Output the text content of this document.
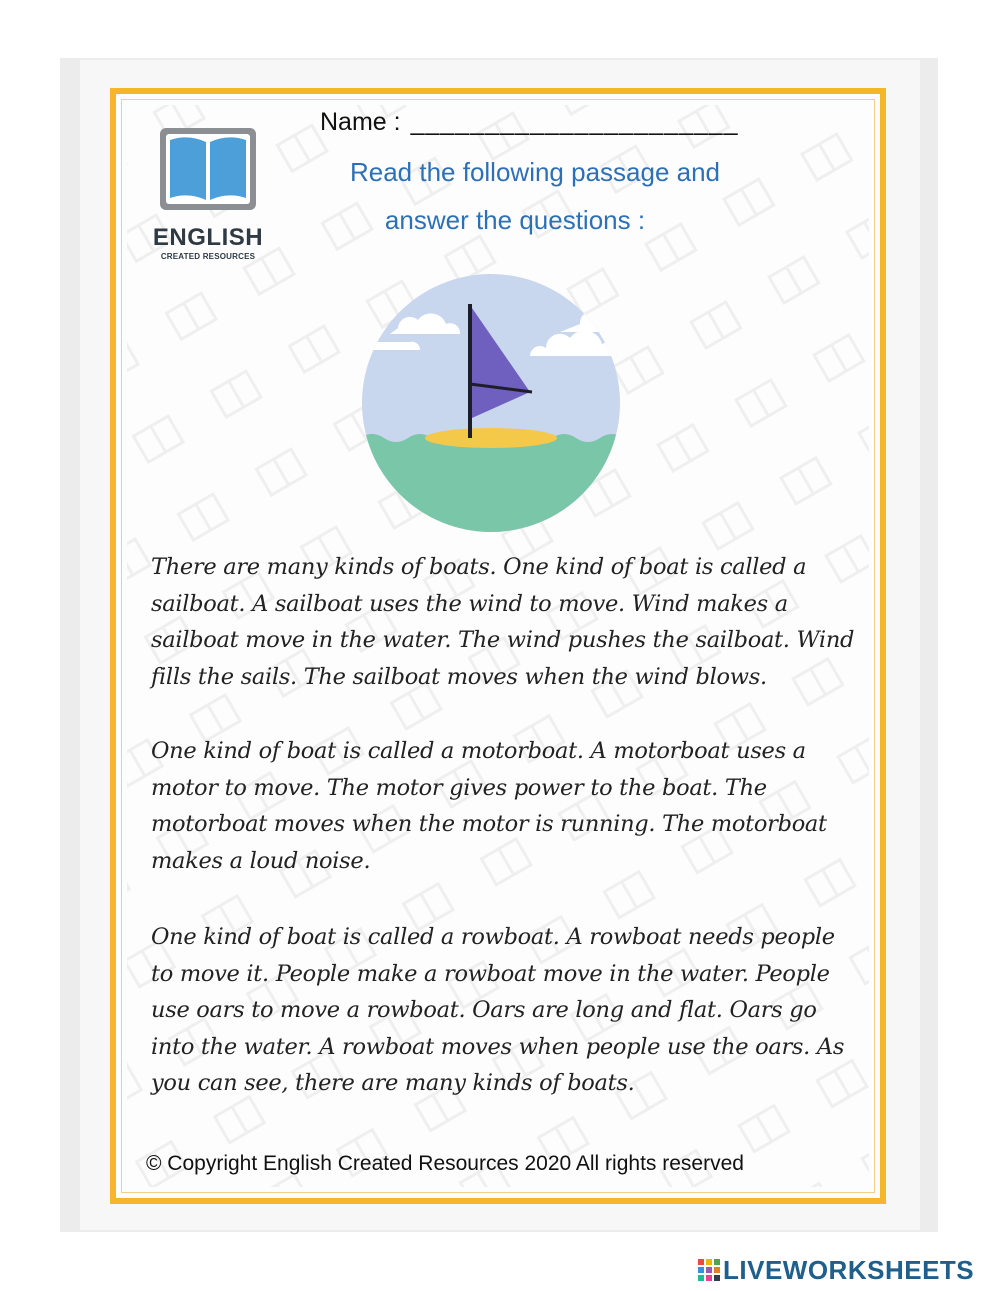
ENGLISH
CREATED RESOURCES
Name : ______________________
Read the following passage and
answer the questions :

There are many kinds of boats. One kind of boat is called a sailboat. A sailboat uses the wind to move. Wind makes a sailboat move in the water. The wind pushes the sailboat. Wind fills the sails. The sailboat moves when the wind blows.

One kind of boat is called a motorboat. A motorboat uses a motor to move. The motor gives power to the boat. The motorboat moves when the motor is running. The motorboat makes a loud noise.

One kind of boat is called a rowboat. A rowboat needs people to move it. People make a rowboat move in the water. People use oars to move a rowboat. Oars are long and flat. Oars go into the water. A rowboat moves when people use the oars. As you can see, there are many kinds of boats.

© Copyright English Created Resources 2020 All rights reserved
LIVEWORKSHEETS
